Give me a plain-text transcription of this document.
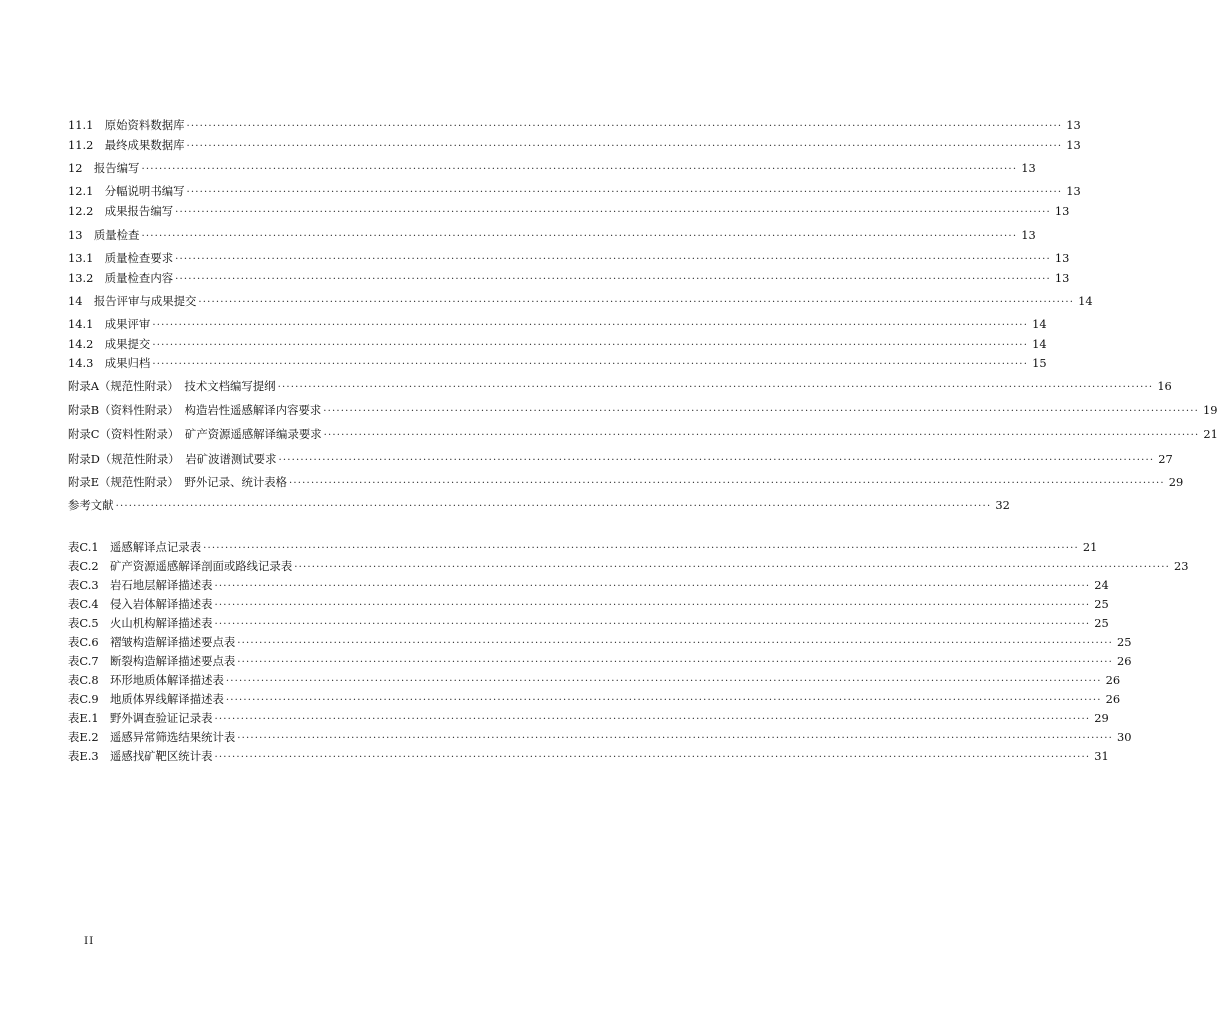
11.1　原始资料数据库 ........................................................................................................................................................................................................ 13
11.2　最终成果数据库 ........................................................................................................................................................................................................ 13
12　报告编写 ........................................................................................................................................................................................................ 13
12.1　分幅说明书编写 ........................................................................................................................................................................................................ 13
12.2　成果报告编写 ........................................................................................................................................................................................................ 13
13　质量检查 ........................................................................................................................................................................................................ 13
13.1　质量检查要求 ........................................................................................................................................................................................................ 13
13.2　质量检查内容 ........................................................................................................................................................................................................ 13
14　报告评审与成果提交 ........................................................................................................................................................................................................ 14
14.1　成果评审 ........................................................................................................................................................................................................ 14
14.2　成果提交 ........................................................................................................................................................................................................ 14
14.3　成果归档 ........................................................................................................................................................................................................ 15
附录A（规范性附录）　技术文档编写提纲 ........................................................................................................................................................................................................ 16
附录B（资料性附录）　构造岩性遥感解译内容要求 ........................................................................................................................................................................................................ 19
附录C（资料性附录）　矿产资源遥感解译编录要求 ........................................................................................................................................................................................................ 21
附录D（规范性附录）　岩矿波谱测试要求 ........................................................................................................................................................................................................ 27
附录E（规范性附录）　野外记录、统计表格 ........................................................................................................................................................................................................ 29
参考文献 ........................................................................................................................................................................................................ 32
表C.1　遥感解译点记录表 ........................................................................................................................................................................................................ 21
表C.2　矿产资源遥感解译剖面或路线记录表 ........................................................................................................................................................................................................ 23
表C.3　岩石地层解译描述表 ........................................................................................................................................................................................................ 24
表C.4　侵入岩体解译描述表 ........................................................................................................................................................................................................ 25
表C.5　火山机构解译描述表 ........................................................................................................................................................................................................ 25
表C.6　褶皱构造解译描述要点表 ........................................................................................................................................................................................................ 25
表C.7　断裂构造解译描述要点表 ........................................................................................................................................................................................................ 26
表C.8　环形地质体解译描述表 ........................................................................................................................................................................................................ 26
表C.9　地质体界线解译描述表 ........................................................................................................................................................................................................ 26
表E.1　野外调查验证记录表 ........................................................................................................................................................................................................ 29
表E.2　遥感异常筛选结果统计表 ........................................................................................................................................................................................................ 30
表E.3　遥感找矿靶区统计表 ........................................................................................................................................................................................................ 31
II
